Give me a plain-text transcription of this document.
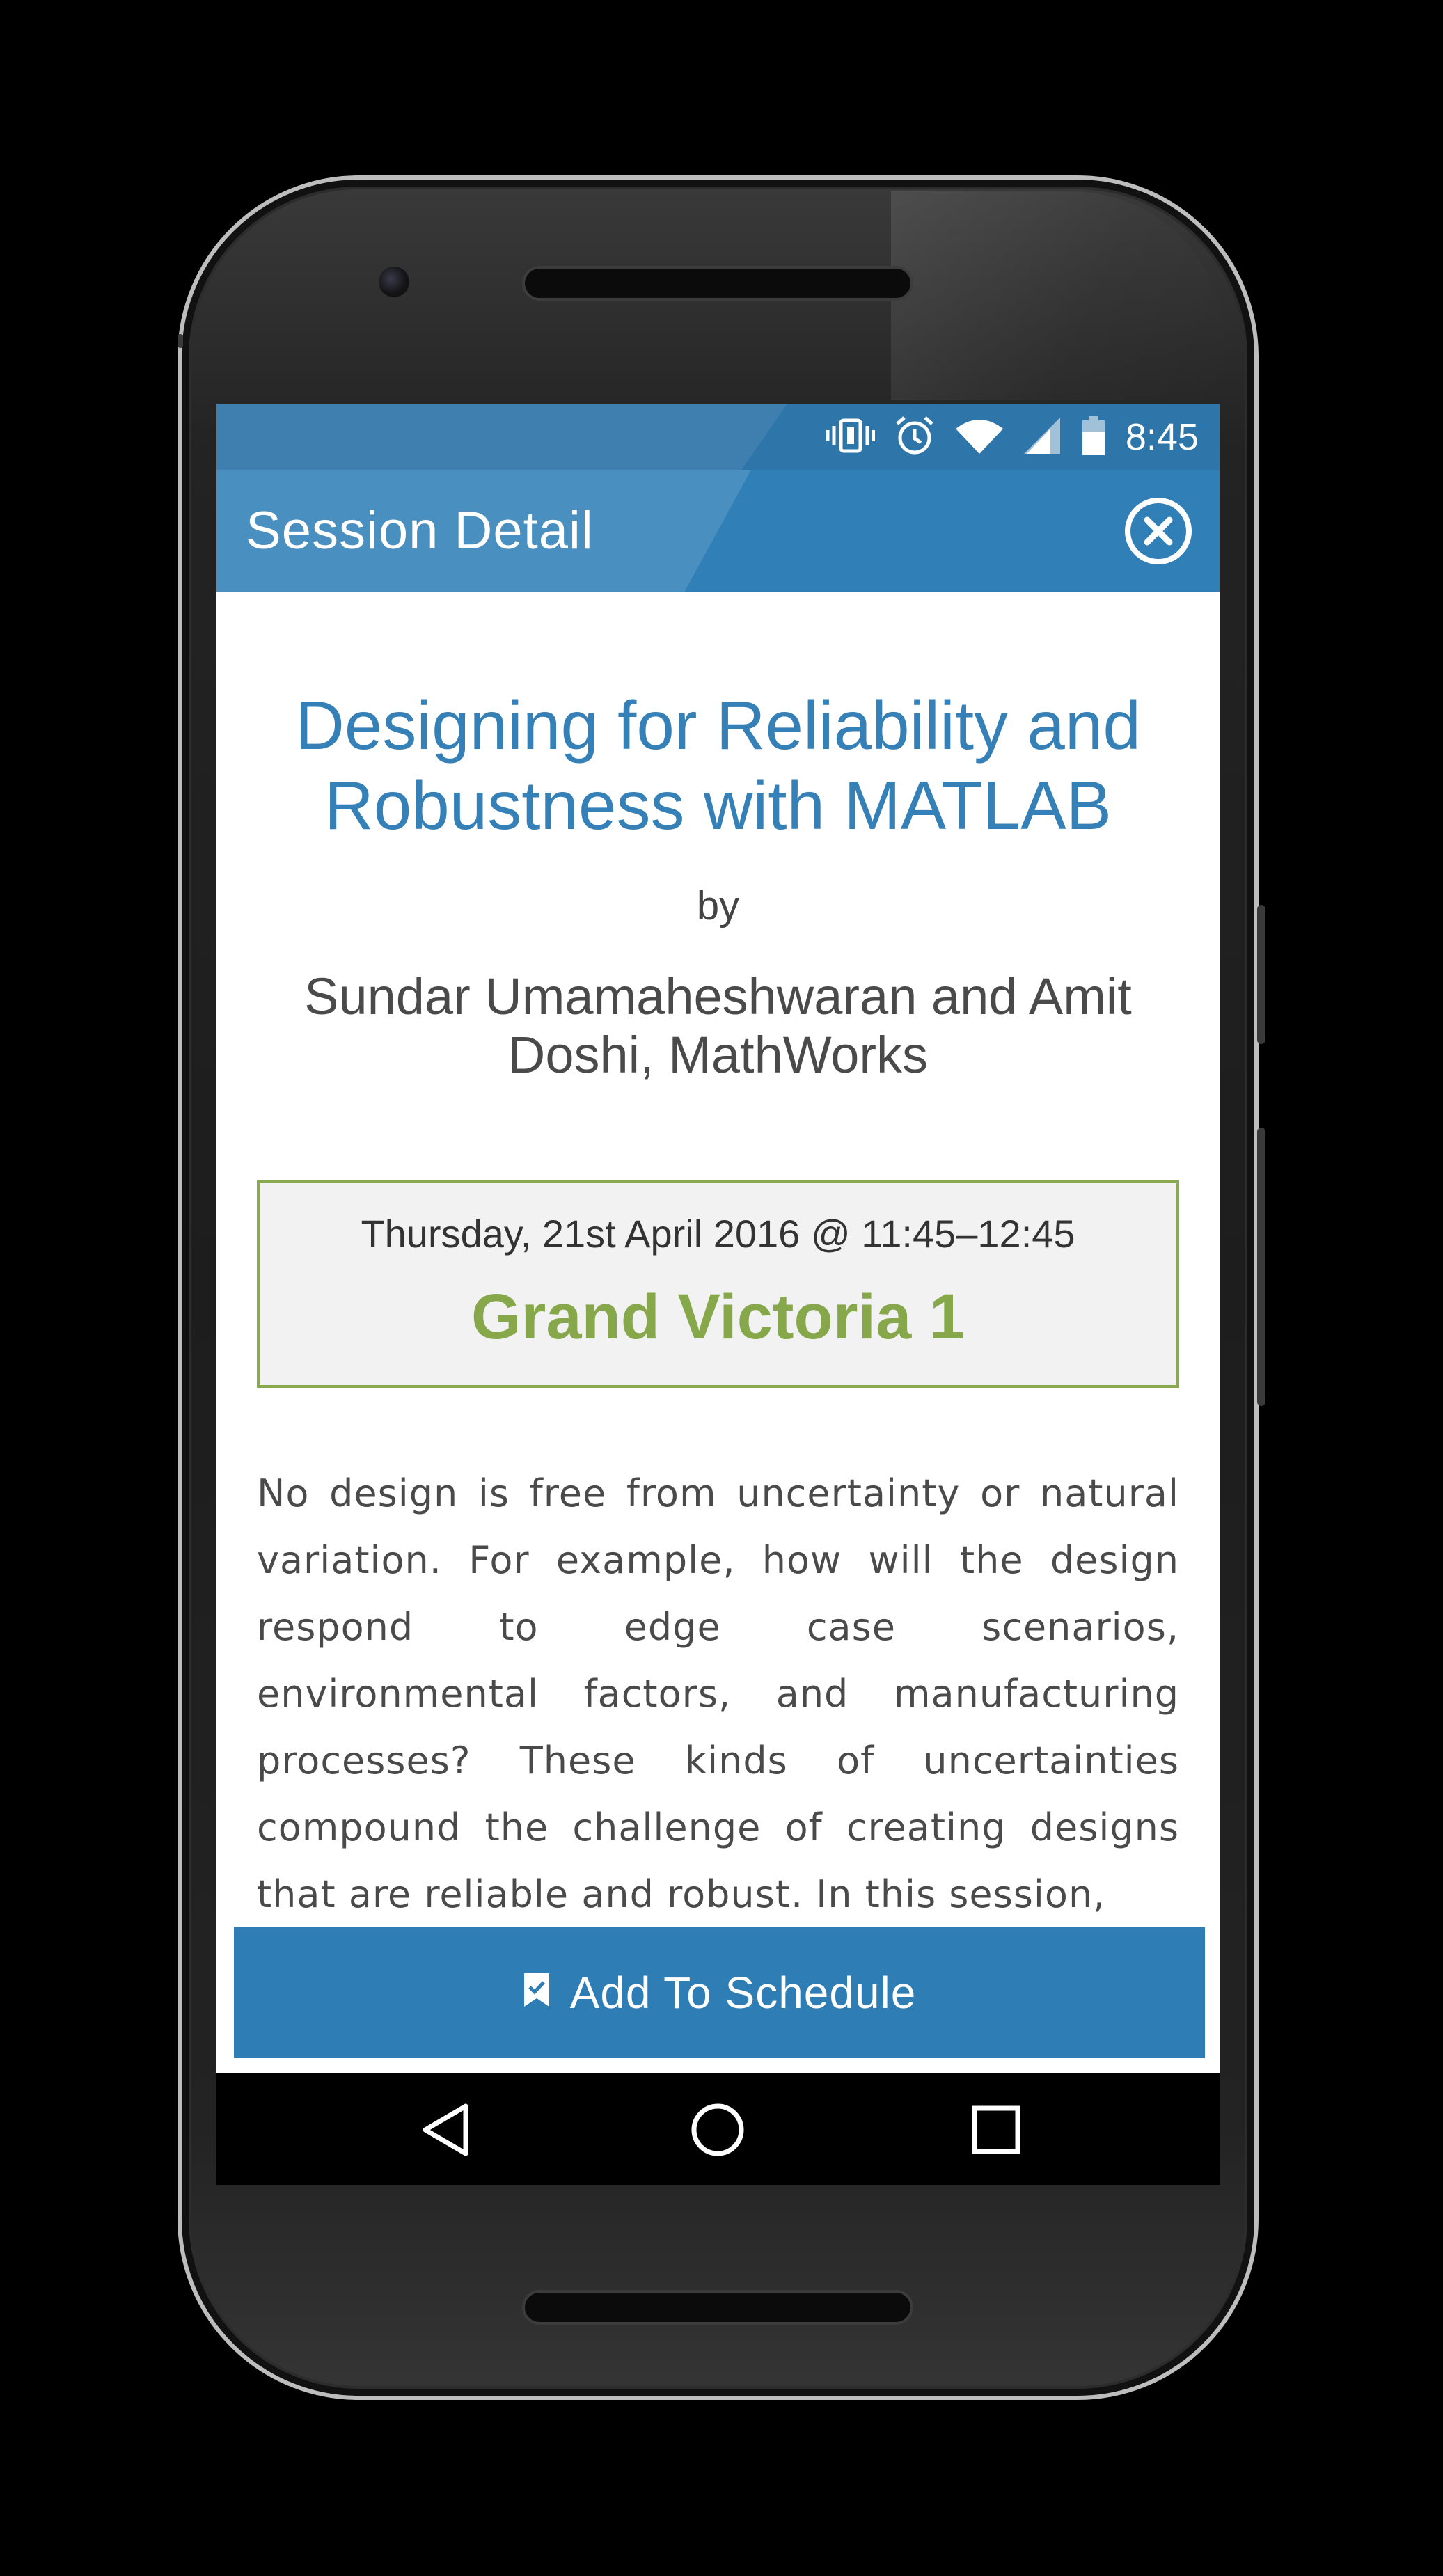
8:45
Session Detail
Designing for Reliability and Robustness with MATLAB
by
Sundar Umamaheshwaran and Amit Doshi, MathWorks
Thursday, 21st April 2016 @ 11:45–12:45
Grand Victoria 1
No design is free from uncertainty or natural variation. For example, how will the design respond to edge case scenarios, environmental factors, and manufacturing processes? These kinds of uncertainties compound the challenge of creating designs that are reliable and robust. In this session,
Add To Schedule
